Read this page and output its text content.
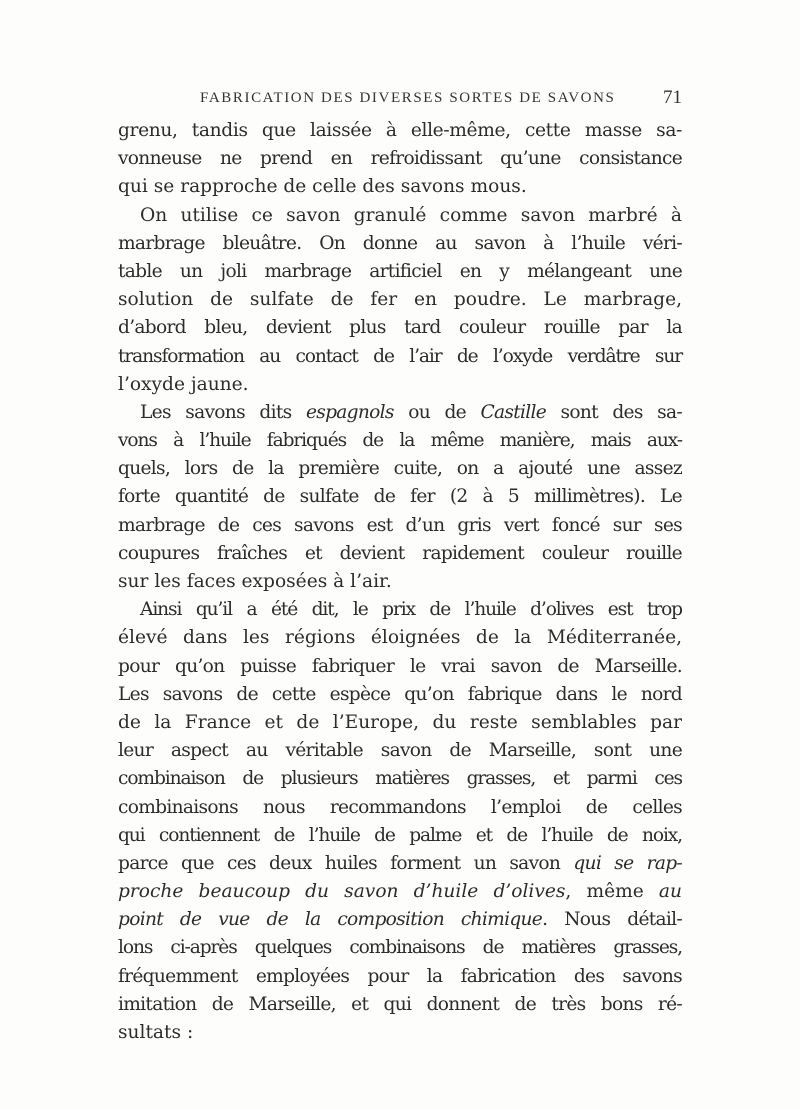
FABRICATION DES DIVERSES SORTES DE SAVONS	71
grenu, tandis que laissée à elle-même, cette masse sa-
vonneuse ne prend en refroidissant qu’une consistance
qui se rapproche de celle des savons mous.
On utilise ce savon granulé comme savon marbré à
marbrage bleuâtre. On donne au savon à l’huile véri-
table un joli marbrage artificiel en y mélangeant une
solution de sulfate de fer en poudre. Le marbrage,
d’abord bleu, devient plus tard couleur rouille par la
transformation au contact de l’air de l’oxyde verdâtre sur
l’oxyde jaune.
Les savons dits espagnols ou de Castille sont des sa-
vons à l’huile fabriqués de la même manière, mais aux-
quels, lors de la première cuite, on a ajouté une assez
forte quantité de sulfate de fer (2 à 5 millimètres). Le
marbrage de ces savons est d’un gris vert foncé sur ses
coupures fraîches et devient rapidement couleur rouille
sur les faces exposées à l’air.
Ainsi qu’il a été dit, le prix de l’huile d’olives est trop
élevé dans les régions éloignées de la Méditerranée,
pour qu’on puisse fabriquer le vrai savon de Marseille.
Les savons de cette espèce qu’on fabrique dans le nord
de la France et de l’Europe, du reste semblables par
leur aspect au véritable savon de Marseille, sont une
combinaison de plusieurs matières grasses, et parmi ces
combinaisons nous recommandons l’emploi de celles
qui contiennent de l’huile de palme et de l’huile de noix,
parce que ces deux huiles forment un savon qui se rap-
proche beaucoup du savon d’huile d’olives, même au
point de vue de la composition chimique. Nous détail-
lons ci-après quelques combinaisons de matières grasses,
fréquemment employées pour la fabrication des savons
imitation de Marseille, et qui donnent de très bons ré-
sultats :
